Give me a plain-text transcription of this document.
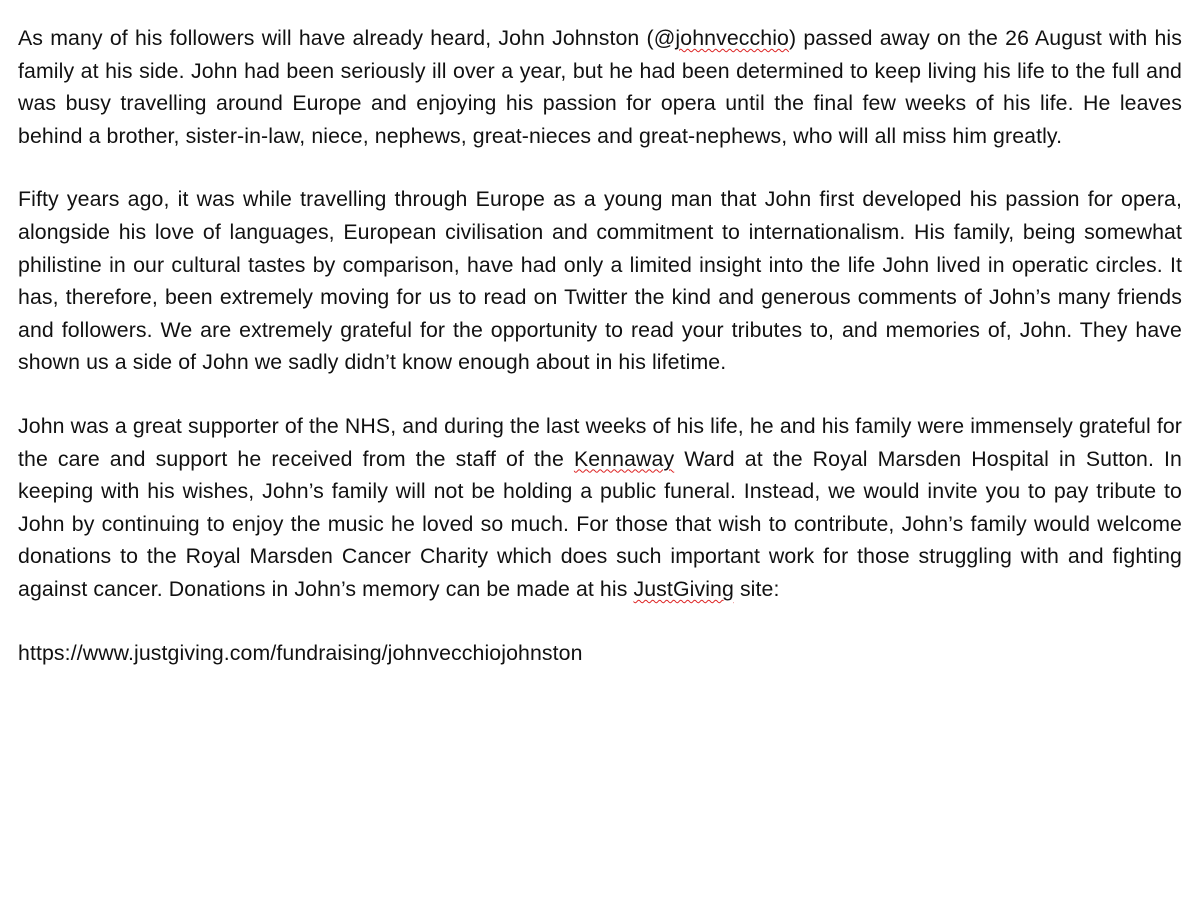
As many of his followers will have already heard, John Johnston (@johnvecchio) passed away on the 26 August with his family at his side. John had been seriously ill over a year, but he had been determined to keep living his life to the full and was busy travelling around Europe and enjoying his passion for opera until the final few weeks of his life. He leaves behind a brother, sister-in-law, niece, nephews, great-nieces and great-nephews, who will all miss him greatly.

Fifty years ago, it was while travelling through Europe as a young man that John first developed his passion for opera, alongside his love of languages, European civilisation and commitment to internationalism. His family, being somewhat philistine in our cultural tastes by comparison, have had only a limited insight into the life John lived in operatic circles. It has, therefore, been extremely moving for us to read on Twitter the kind and generous comments of John’s many friends and followers. We are extremely grateful for the opportunity to read your tributes to, and memories of, John. They have shown us a side of John we sadly didn’t know enough about in his lifetime.

John was a great supporter of the NHS, and during the last weeks of his life, he and his family were immensely grateful for the care and support he received from the staff of the Kennaway Ward at the Royal Marsden Hospital in Sutton. In keeping with his wishes, John’s family will not be holding a public funeral. Instead, we would invite you to pay tribute to John by continuing to enjoy the music he loved so much. For those that wish to contribute, John’s family would welcome donations to the Royal Marsden Cancer Charity which does such important work for those struggling with and fighting against cancer. Donations in John’s memory can be made at his JustGiving site:

https://www.justgiving.com/fundraising/johnvecchiojohnston
